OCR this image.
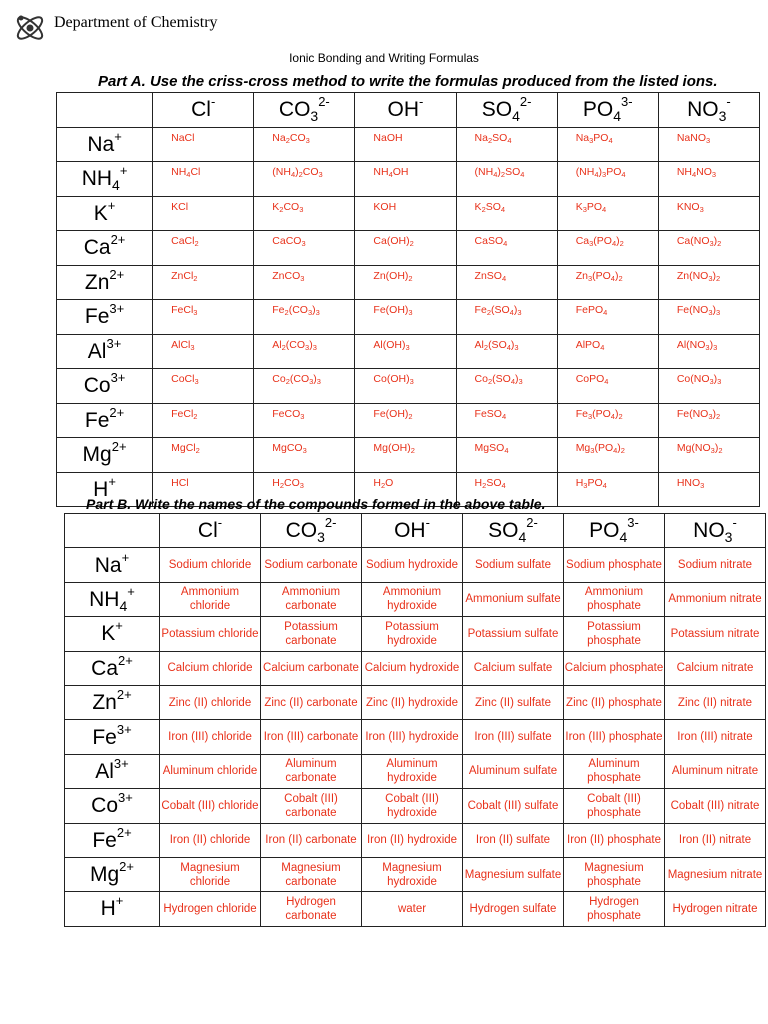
Department of Chemistry
Ionic Bonding and Writing Formulas
Part A. Use the criss-cross method to write the formulas produced from the listed ions.
	Cl-	$CO_3^{2-}$	OH-	$SO_4^{2-}$	$PO_4^{3-}$	$NO_3^-$
Na+	NaCl	$Na_2CO_3$	NaOH	$Na_2SO_4$	$Na_3PO_4$	NaNO$_3$
$NH_4^+$	$NH_4Cl$	$(NH_4)_2CO_3$	$NH_4OH$	$(NH_4)_2SO_4$	$(NH_4)_3PO_4$	$NH_4NO_3$
K+	KCl	$K_2CO_3$	KOH	$K_2SO_4$	$K_3PO_4$	$KNO_3$
$Ca^{2+}$	CaCl$_2$	CaCO$_3$	$Ca(OH)_2$	CaSO$_4$	$Ca_3(PO_4)_2$	$Ca(NO_3)_2$
$Zn^{2+}$	ZnCl$_2$	ZnCO$_3$	$Zn(OH)_2$	ZnSO$_4$	$Zn_3(PO_4)_2$	$Zn(NO_3)_2$
$Fe^{3+}$	FeCl$_3$	$Fe_2(CO_3)_3$	$Fe(OH)_3$	$Fe_2(SO_4)_3$	FePO$_4$	$Fe(NO_3)_3$
$Al^{3+}$	AlCl$_3$	$Al_2(CO_3)_3$	$Al(OH)_3$	$Al_2(SO_4)_3$	AlPO$_4$	$Al(NO_3)_3$
$Co^{3+}$	CoCl$_3$	$Co_2(CO_3)_3$	$Co(OH)_3$	$Co_2(SO_4)_3$	CoPO$_4$	$Co(NO_3)_3$
$Fe^{2+}$	FeCl$_2$	FeCO$_3$	$Fe(OH)_2$	FeSO$_4$	$Fe_3(PO_4)_2$	$Fe(NO_3)_2$
$Mg^{2+}$	MgCl$_2$	MgCO$_3$	$Mg(OH)_2$	MgSO$_4$	$Mg_3(PO_4)_2$	$Mg(NO_3)_2$
H+	HCl	$H_2CO_3$	$H_2O$	$H_2SO_4$	$H_3PO_4$	$HNO_3$
Part B. Write the names of the compounds formed in the above table.
	Cl-	$CO_3^{2-}$	OH-	$SO_4^{2-}$	$PO_4^{3-}$	$NO_3^-$
Na+	Sodium chloride	Sodium carbonate	Sodium hydroxide	Sodium sulfate	Sodium phosphate	Sodium nitrate
$NH_4^+$	Ammonium chloride	Ammonium carbonate	Ammonium hydroxide	Ammonium sulfate	Ammonium phosphate	Ammonium nitrate
K+	Potassium chloride	Potassium carbonate	Potassium hydroxide	Potassium sulfate	Potassium phosphate	Potassium nitrate
$Ca^{2+}$	Calcium chloride	Calcium carbonate	Calcium hydroxide	Calcium sulfate	Calcium phosphate	Calcium nitrate
$Zn^{2+}$	Zinc (II) chloride	Zinc (II) carbonate	Zinc (II) hydroxide	Zinc (II) sulfate	Zinc (II) phosphate	Zinc (II) nitrate
$Fe^{3+}$	Iron (III) chloride	Iron (III) carbonate	Iron (III) hydroxide	Iron (III) sulfate	Iron (III) phosphate	Iron (III) nitrate
$Al^{3+}$	Aluminum chloride	Aluminum carbonate	Aluminum hydroxide	Aluminum sulfate	Aluminum phosphate	Aluminum nitrate
$Co^{3+}$	Cobalt (III) chloride	Cobalt (III) carbonate	Cobalt (III) hydroxide	Cobalt (III) sulfate	Cobalt (III) phosphate	Cobalt (III) nitrate
$Fe^{2+}$	Iron (II) chloride	Iron (II) carbonate	Iron (II) hydroxide	Iron (II) sulfate	Iron (II) phosphate	Iron (II) nitrate
$Mg^{2+}$	Magnesium chloride	Magnesium carbonate	Magnesium hydroxide	Magnesium sulfate	Magnesium phosphate	Magnesium nitrate
H+	Hydrogen chloride	Hydrogen carbonate	water	Hydrogen sulfate	Hydrogen phosphate	Hydrogen nitrate
